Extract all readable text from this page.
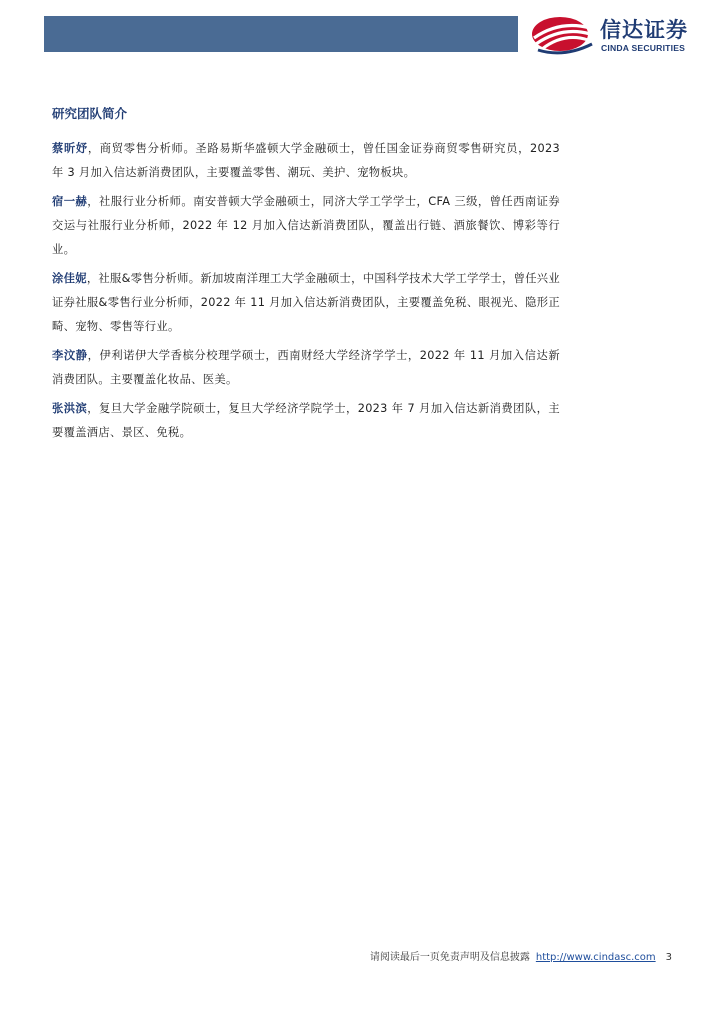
信达证券
CINDA SECURITIES
研究团队简介

蔡昕妤，商贸零售分析师。圣路易斯华盛顿大学金融硕士，曾任国金证券商贸零售研究员，2023 年 3 月加入信达新消费团队，主要覆盖零售、潮玩、美护、宠物板块。

宿一赫，社服行业分析师。南安普顿大学金融硕士，同济大学工学学士，CFA 三级，曾任西南证券交运与社服行业分析师，2022 年 12 月加入信达新消费团队，覆盖出行链、酒旅餐饮、博彩等行业。

涂佳妮，社服&零售分析师。新加坡南洋理工大学金融硕士，中国科学技术大学工学学士，曾任兴业证券社服&零售行业分析师，2022 年 11 月加入信达新消费团队，主要覆盖免税、眼视光、隐形正畸、宠物、零售等行业。

李汶静，伊利诺伊大学香槟分校理学硕士，西南财经大学经济学学士，2022 年 11 月加入信达新消费团队。主要覆盖化妆品、医美。

张洪滨，复旦大学金融学院硕士，复旦大学经济学院学士，2023 年 7 月加入信达新消费团队，主要覆盖酒店、景区、免税。

请阅读最后一页免责声明及信息披露 http://www.cindasc.com 3
